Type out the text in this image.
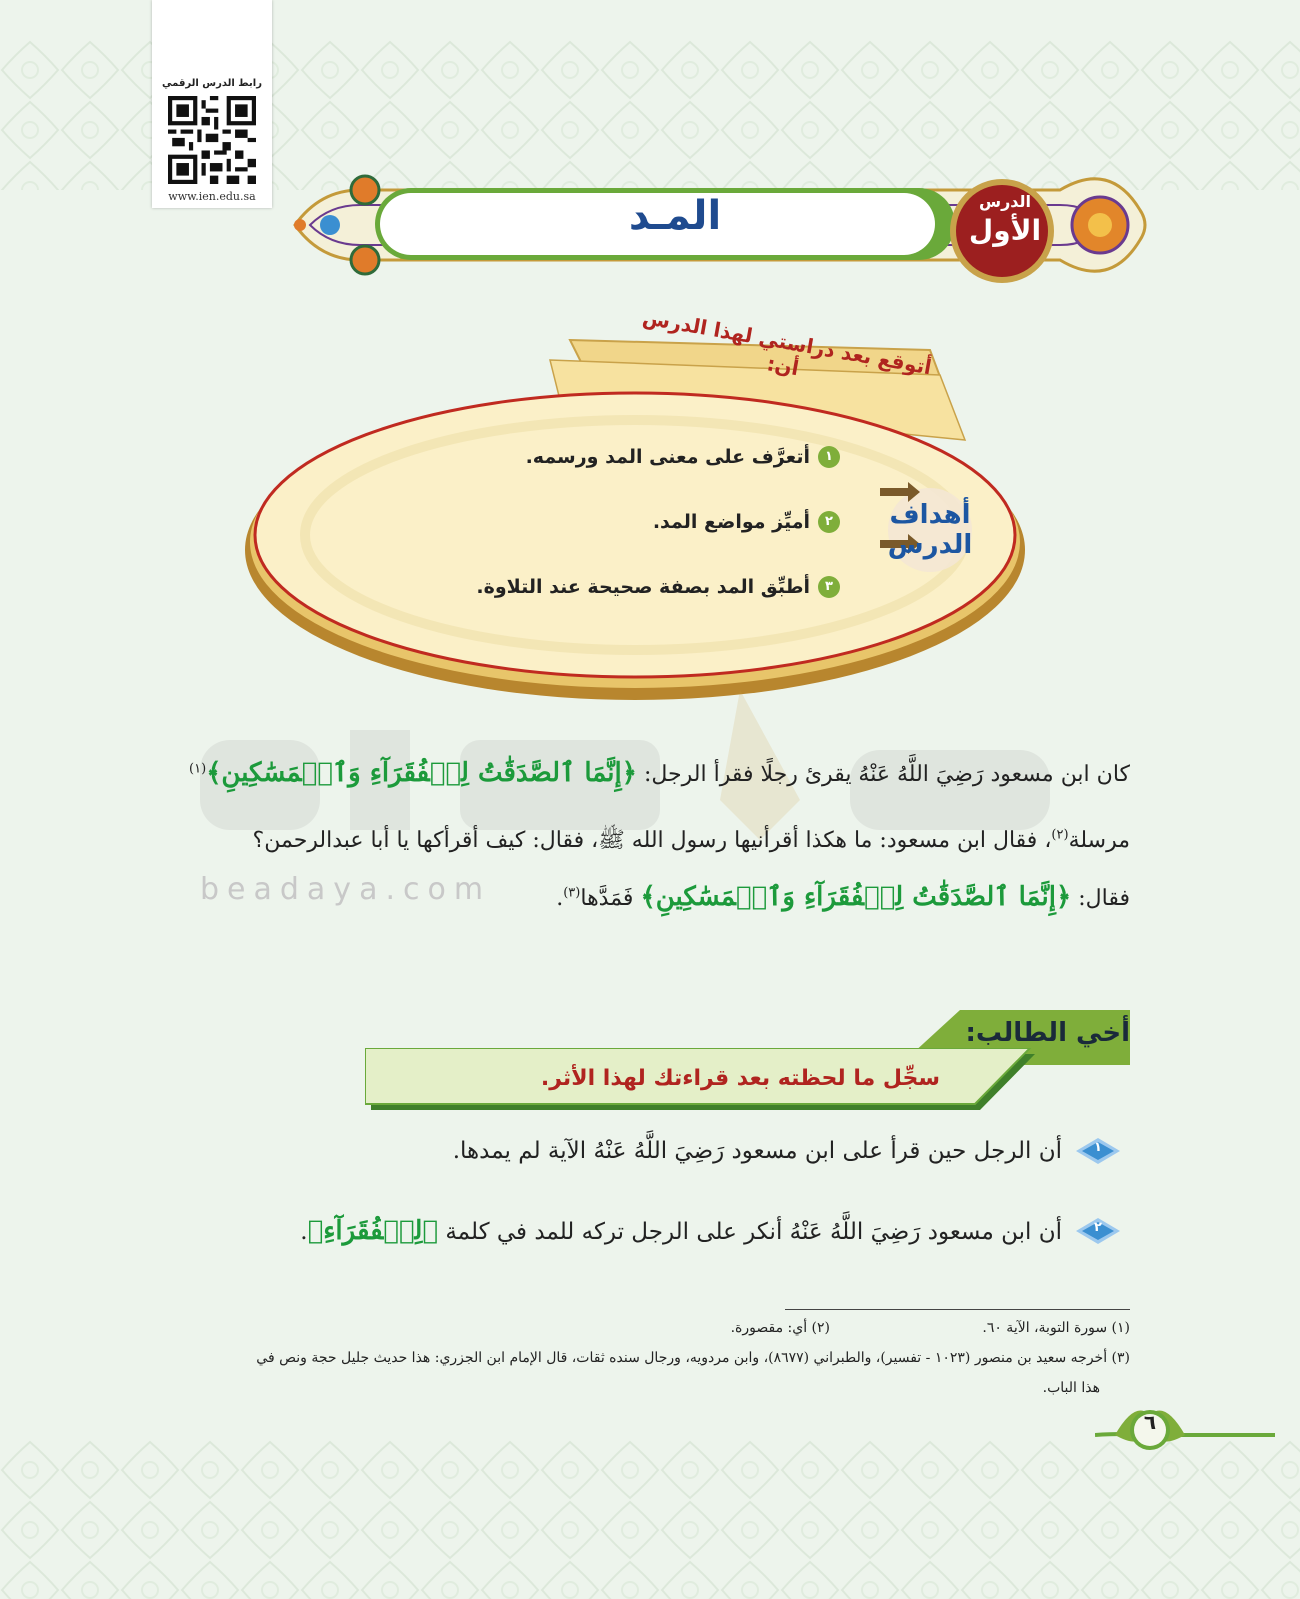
رابط الدرس الرقمي
www.ien.edu.sa	المـد	الدرس
الأول
أتوقع بعد دراستي لهذا الدرس أن:
أهداف الدرس
١
أتعرَّف على معنى المد ورسمه.
٢
أميِّز مواضع المد.
٣
أطبِّق المد بصفة صحيحة عند التلاوة.
beadaya.com
كان ابن مسعود رَضِيَ اللَّهُ عَنْهُ يقرئ رجلًا فقرأ الرجل: ﴿إِنَّمَا ٱلصَّدَقَٰتُ لِلۡفُقَرَآءِ وَٱلۡمَسَٰكِينِ﴾$^{(١)}$
مرسلة$^{(٢)}$، فقال ابن مسعود: ما هكذا أقرأنيها رسول الله ﷺ، فقال: كيف أقرأكها يا أبا عبدالرحمن؟
فقال: ﴿إِنَّمَا ٱلصَّدَقَٰتُ لِلۡفُقَرَآءِ وَٱلۡمَسَٰكِينِ﴾ فَمَدَّها$^{(٣)}$.
أخي الطالب:
سجِّل ما لحظته بعد قراءتك لهذا الأثر.
١
أن الرجل حين قرأ على ابن مسعود رَضِيَ اللَّهُ عَنْهُ الآية لم يمدها.
٢
أن ابن مسعود رَضِيَ اللَّهُ عَنْهُ أنكر على الرجل تركه للمد في كلمة ﴿لِلۡفُقَرَآءِ﴾.
(١) سورة التوبة، الآية ٦٠.
(٢) أي: مقصورة.
(٣) أخرجه سعيد بن منصور (١٠٢٣ - تفسير)، والطبراني (٨٦٧٧)، وابن مردويه، ورجال سنده ثقات، قال الإمام ابن الجزري: هذا حديث جليل حجة ونص في
هذا الباب.
٦
